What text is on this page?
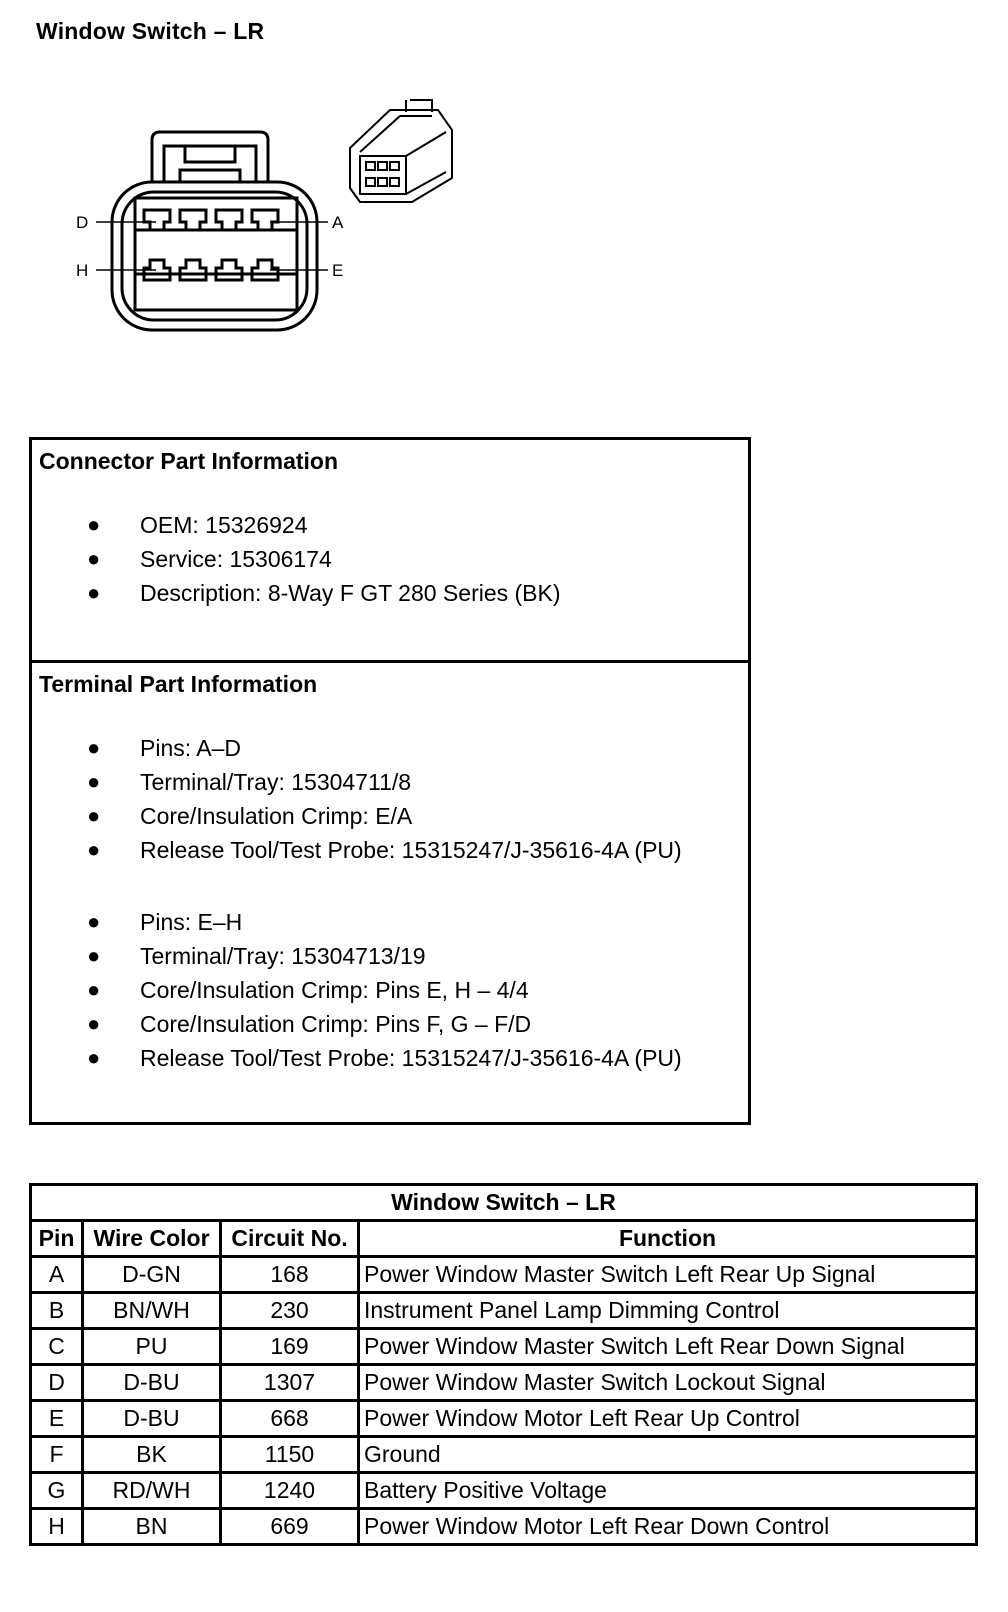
Window Switch – LR
D	A
H	E
Connector Part Information
● OEM: 15326924
● Service: 15306174
● Description: 8-Way F GT 280 Series (BK)
Terminal Part Information
● Pins: A–D
● Terminal/Tray: 15304711/8
● Core/Insulation Crimp: E/A
● Release Tool/Test Probe: 15315247/J-35616-4A (PU)
● Pins: E–H
● Terminal/Tray: 15304713/19
● Core/Insulation Crimp: Pins E, H – 4/4
● Core/Insulation Crimp: Pins F, G – F/D
● Release Tool/Test Probe: 15315247/J-35616-4A (PU)
Window Switch – LR			
Pin	Wire Color	Circuit No.	Function
A	D-GN	168	Power Window Master Switch Left Rear Up Signal
B	BN/WH	230	Instrument Panel Lamp Dimming Control
C	PU	169	Power Window Master Switch Left Rear Down Signal
D	D-BU	1307	Power Window Master Switch Lockout Signal
E	D-BU	668	Power Window Motor Left Rear Up Control
F	BK	1150	Ground
G	RD/WH	1240	Battery Positive Voltage
H	BN	669	Power Window Motor Left Rear Down Control
